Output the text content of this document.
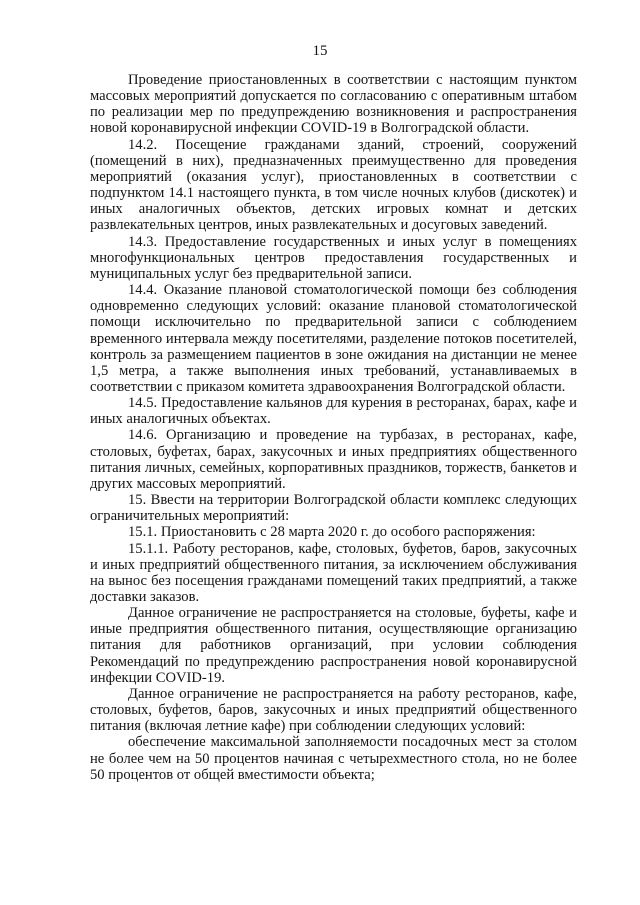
15

Проведение приостановленных в соответствии с настоящим пунктом массовых мероприятий допускается по согласованию с оперативным штабом по реализации мер по предупреждению возникновения и распространения новой коронавирусной инфекции COVID-19 в Волгоградской области.

14.2. Посещение гражданами зданий, строений, сооружений (помещений в них), предназначенных преимущественно для проведения мероприятий (оказания услуг), приостановленных в соответствии с подпунктом 14.1 настоящего пункта, в том числе ночных клубов (дискотек) и иных аналогичных объектов, детских игровых комнат и детских развлекательных центров, иных развлекательных и досуговых заведений.

14.3. Предоставление государственных и иных услуг в помещениях многофункциональных центров предоставления государственных и муниципальных услуг без предварительной записи.

14.4. Оказание плановой стоматологической помощи без соблюдения одновременно следующих условий: оказание плановой стоматологической помощи исключительно по предварительной записи с соблюдением временного интервала между посетителями, разделение потоков посетителей, контроль за размещением пациентов в зоне ожидания на дистанции не менее 1,5 метра, а также выполнения иных требований, устанавливаемых в соответствии с приказом комитета здравоохранения Волгоградской области.

14.5. Предоставление кальянов для курения в ресторанах, барах, кафе и иных аналогичных объектах.

14.6. Организацию и проведение на турбазах, в ресторанах, кафе, столовых, буфетах, барах, закусочных и иных предприятиях общественного питания личных, семейных, корпоративных праздников, торжеств, банкетов и других массовых мероприятий.

15. Ввести на территории Волгоградской области комплекс следующих ограничительных мероприятий:

15.1. Приостановить с 28 марта 2020 г. до особого распоряжения:

15.1.1. Работу ресторанов, кафе, столовых, буфетов, баров, закусочных и иных предприятий общественного питания, за исключением обслуживания на вынос без посещения гражданами помещений таких предприятий, а также доставки заказов.

Данное ограничение не распространяется на столовые, буфеты, кафе и иные предприятия общественного питания, осуществляющие организацию питания для работников организаций, при условии соблюдения Рекомендаций по предупреждению распространения новой коронавирусной инфекции COVID-19.

Данное ограничение не распространяется на работу ресторанов, кафе, столовых, буфетов, баров, закусочных и иных предприятий общественного питания (включая летние кафе) при соблюдении следующих условий:

обеспечение максимальной заполняемости посадочных мест за столом не более чем на 50 процентов начиная с четырехместного стола, но не более 50 процентов от общей вместимости объекта;
